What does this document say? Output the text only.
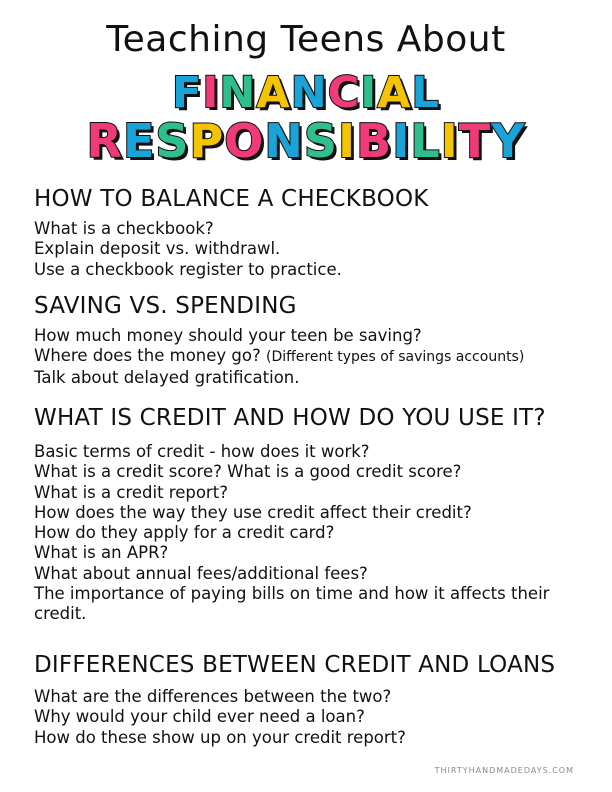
Teaching Teens About
FINANCIAL
RESPONSIBILITY
HOW TO BALANCE A CHECKBOOK
What is a checkbook?
Explain deposit vs. withdrawl.
Use a checkbook register to practice.
SAVING VS. SPENDING
How much money should your teen be saving?
Where does the money go? (Different types of savings accounts)
Talk about delayed gratification.
WHAT IS CREDIT AND HOW DO YOU USE IT?
Basic terms of credit - how does it work?
What is a credit score? What is a good credit score?
What is a credit report?
How does the way they use credit affect their credit?
How do they apply for a credit card?
What is an APR?
What about annual fees/additional fees?
The importance of paying bills on time and how it affects their credit.
DIFFERENCES BETWEEN CREDIT AND LOANS
What are the differences between the two?
Why would your child ever need a loan?
How do these show up on your credit report?
THIRTYHANDMADEDAYS.COM
